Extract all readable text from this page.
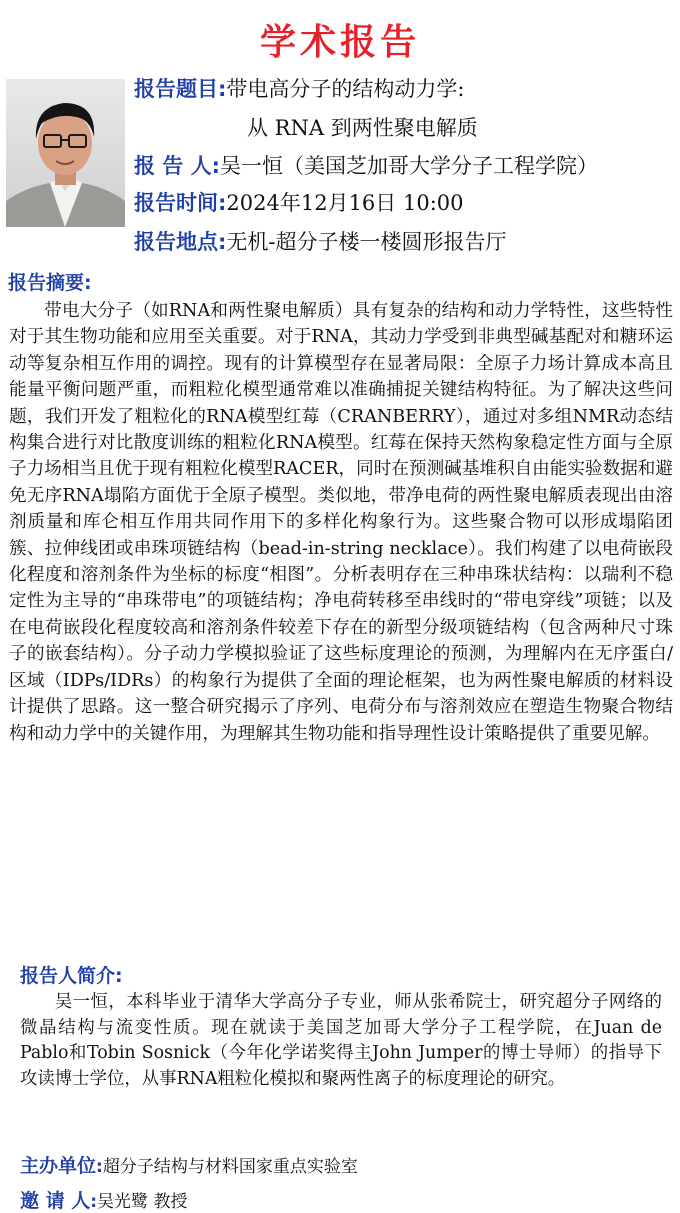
学术报告
报告题目:带电高分子的结构动力学:
从 RNA 到两性聚电解质
报 告 人:吴一恒（美国芝加哥大学分子工程学院）
报告时间:2024年12月16日 10:00
报告地点:无机-超分子楼一楼圆形报告厅
报告摘要:
带电大分子（如RNA和两性聚电解质）具有复杂的结构和动力学特性，这些特性对于其生物功能和应用至关重要。对于RNA，其动力学受到非典型碱基配对和糖环运动等复杂相互作用的调控。现有的计算模型存在显著局限：全原子力场计算成本高且能量平衡问题严重，而粗粒化模型通常难以准确捕捉关键结构特征。为了解决这些问题，我们开发了粗粒化的RNA模型红莓（CRANBERRY），通过对多组NMR动态结构集合进行对比散度训练的粗粒化RNA模型。红莓在保持天然构象稳定性方面与全原子力场相当且优于现有粗粒化模型RACER，同时在预测碱基堆积自由能实验数据和避免无序RNA塌陷方面优于全原子模型。类似地，带净电荷的两性聚电解质表现出由溶剂质量和库仑相互作用共同作用下的多样化构象行为。这些聚合物可以形成塌陷团簇、拉伸线团或串珠项链结构（bead-in-string necklace）。我们构建了以电荷嵌段化程度和溶剂条件为坐标的标度“相图”。分析表明存在三种串珠状结构：以瑞利不稳定性为主导的“串珠带电”的项链结构；净电荷转移至串线时的“带电穿线”项链；以及在电荷嵌段化程度较高和溶剂条件较差下存在的新型分级项链结构（包含两种尺寸珠子的嵌套结构）。分子动力学模拟验证了这些标度理论的预测，为理解内在无序蛋白/区域（IDPs/IDRs）的构象行为提供了全面的理论框架，也为两性聚电解质的材料设计提供了思路。这一整合研究揭示了序列、电荷分布与溶剂效应在塑造生物聚合物结构和动力学中的关键作用，为理解其生物功能和指导理性设计策略提供了重要见解。
报告人简介:
吴一恒，本科毕业于清华大学高分子专业，师从张希院士，研究超分子网络的微晶结构与流变性质。现在就读于美国芝加哥大学分子工程学院，在Juan de Pablo和Tobin Sosnick（今年化学诺奖得主John Jumper的博士导师）的指导下攻读博士学位，从事RNA粗粒化模拟和聚两性离子的标度理论的研究。
主办单位:超分子结构与材料国家重点实验室
邀 请 人:吴光鹭 教授
